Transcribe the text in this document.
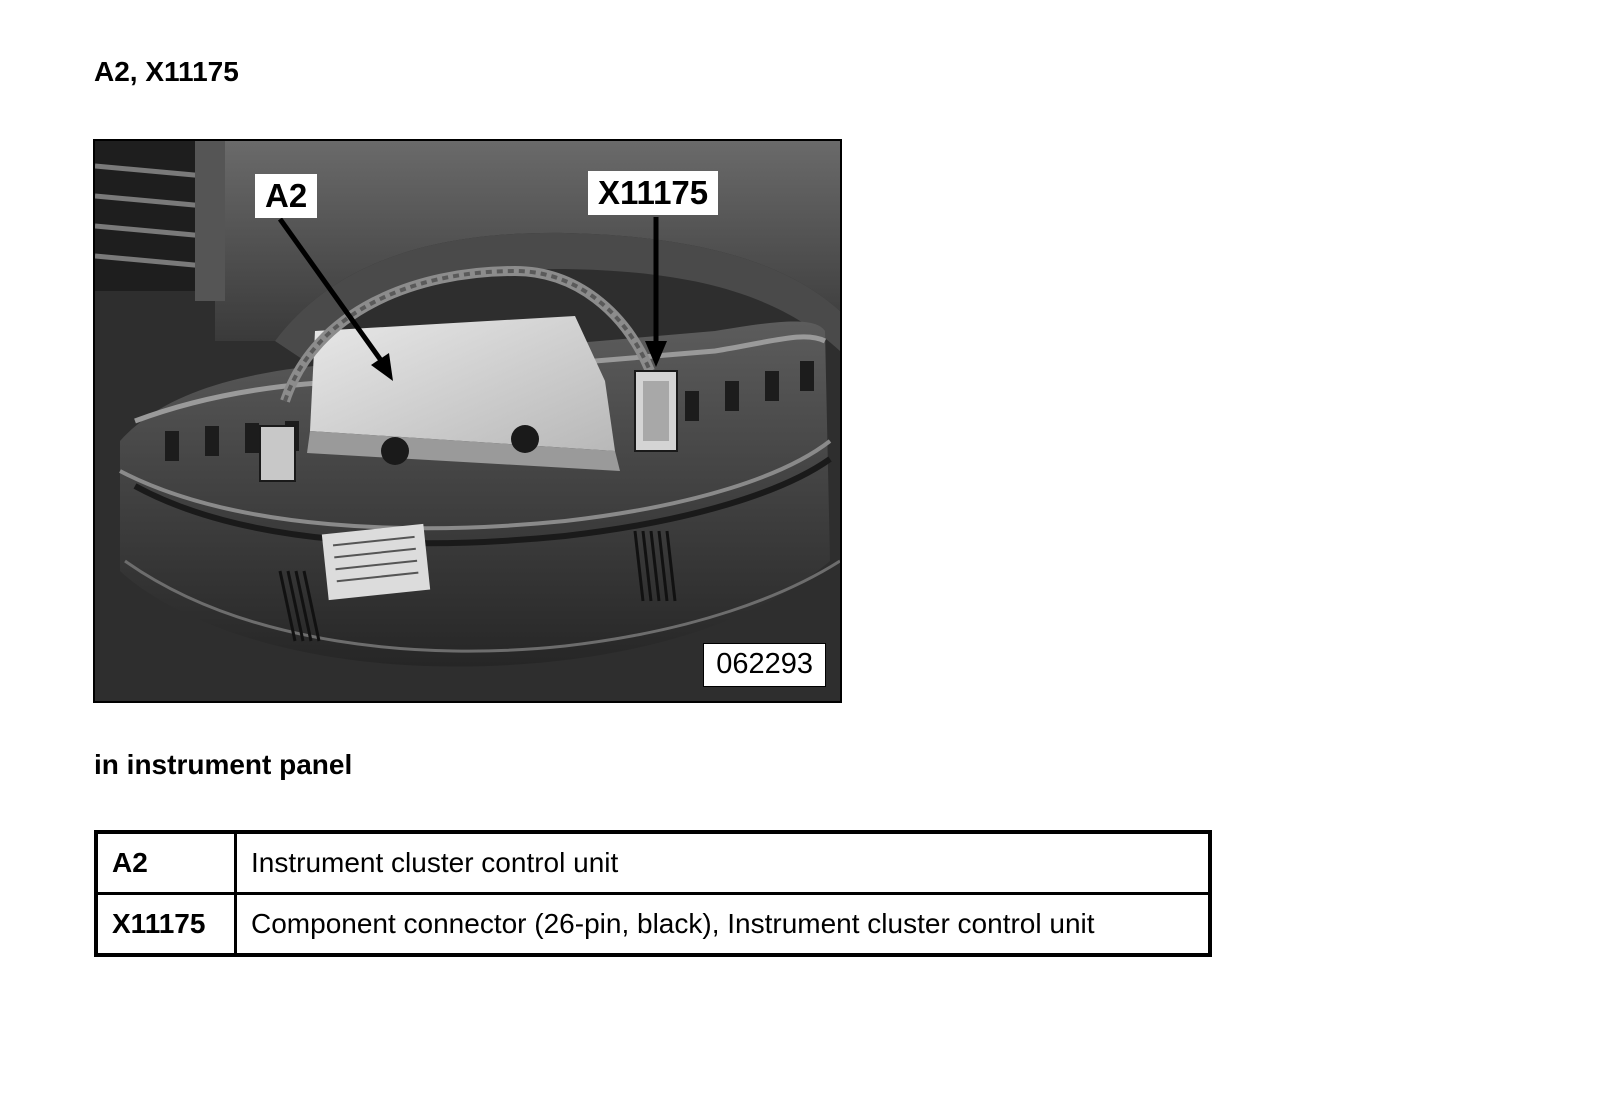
A2, X11175
A2	X11175
062293
in instrument panel
A2	Instrument cluster control unit
X11175	Component connector (26-pin, black), Instrument cluster control unit
